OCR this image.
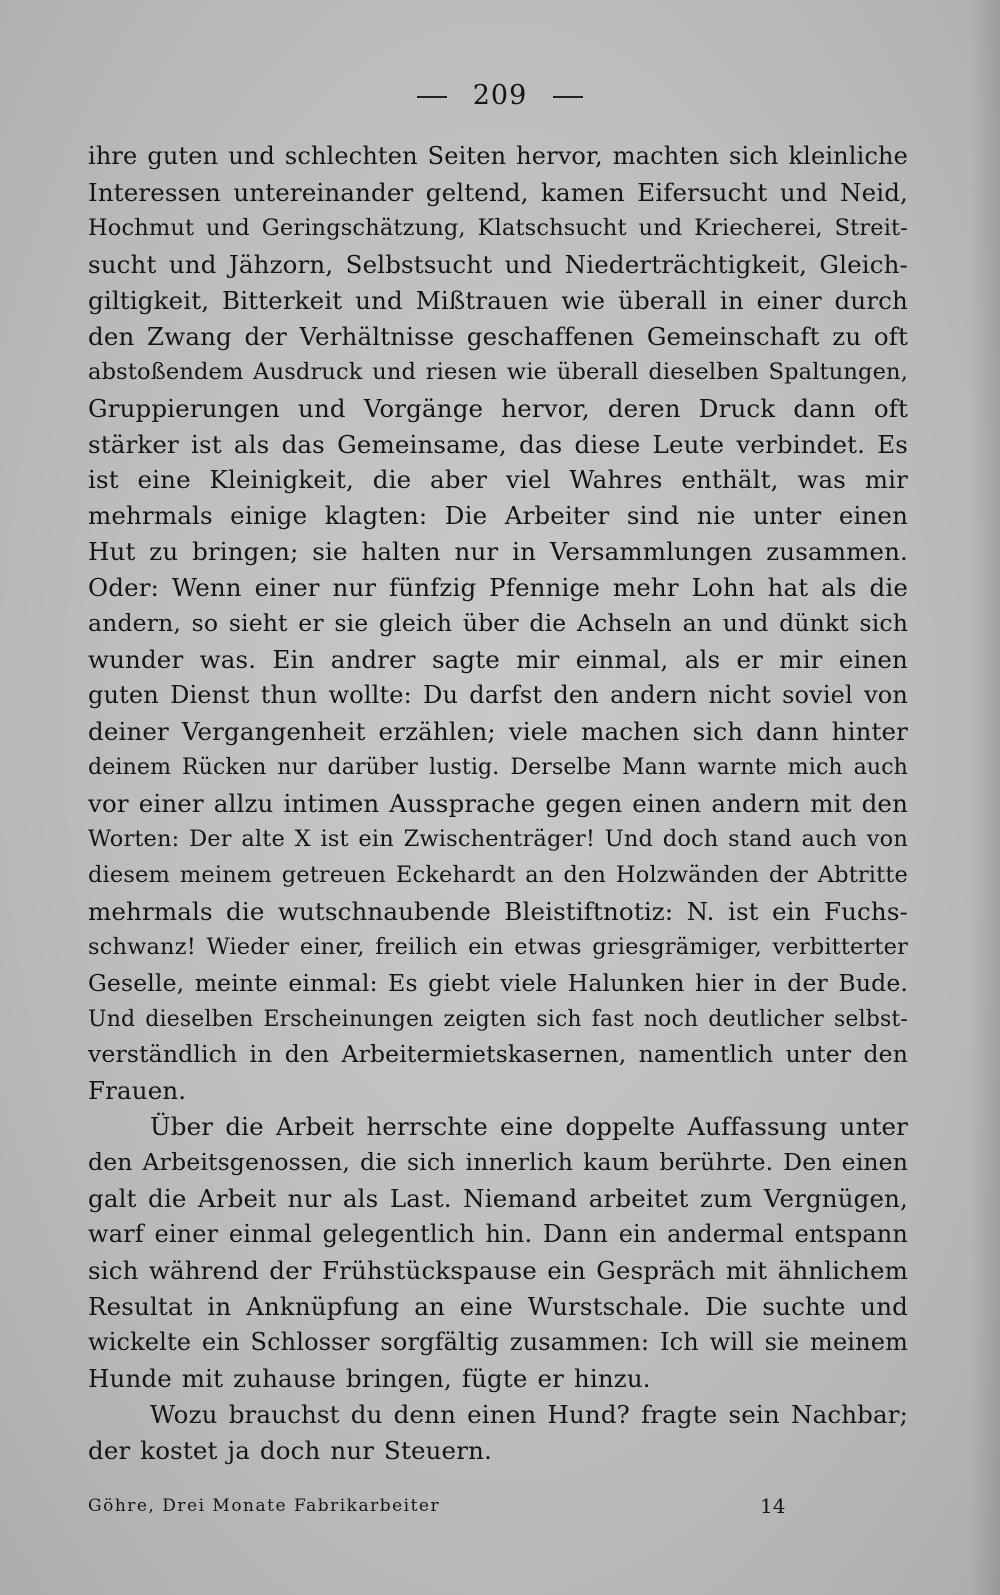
209
ihre guten und schlechten Seiten hervor, machten sich kleinliche
Interessen untereinander geltend, kamen Eifersucht und Neid,
Hochmut und Geringschätzung, Klatschsucht und Kriecherei, Streit-
sucht und Jähzorn, Selbstsucht und Niederträchtigkeit, Gleich-
giltigkeit, Bitterkeit und Mißtrauen wie überall in einer durch
den Zwang der Verhältnisse geschaffenen Gemeinschaft zu oft
abstoßendem Ausdruck und riesen wie überall dieselben Spaltungen,
Gruppierungen und Vorgänge hervor, deren Druck dann oft
stärker ist als das Gemeinsame, das diese Leute verbindet. Es
ist eine Kleinigkeit, die aber viel Wahres enthält, was mir
mehrmals einige klagten: Die Arbeiter sind nie unter einen
Hut zu bringen; sie halten nur in Versammlungen zusammen.
Oder: Wenn einer nur fünfzig Pfennige mehr Lohn hat als die
andern, so sieht er sie gleich über die Achseln an und dünkt sich
wunder was. Ein andrer sagte mir einmal, als er mir einen
guten Dienst thun wollte: Du darfst den andern nicht soviel von
deiner Vergangenheit erzählen; viele machen sich dann hinter
deinem Rücken nur darüber lustig. Derselbe Mann warnte mich auch
vor einer allzu intimen Aussprache gegen einen andern mit den
Worten: Der alte X ist ein Zwischenträger! Und doch stand auch von
diesem meinem getreuen Eckehardt an den Holzwänden der Abtritte
mehrmals die wutschnaubende Bleistiftnotiz: N. ist ein Fuchs-
schwanz! Wieder einer, freilich ein etwas griesgrämiger, verbitterter
Geselle, meinte einmal: Es giebt viele Halunken hier in der Bude.
Und dieselben Erscheinungen zeigten sich fast noch deutlicher selbst-
verständlich in den Arbeitermietskasernen, namentlich unter den
Frauen.
Über die Arbeit herrschte eine doppelte Auffassung unter
den Arbeitsgenossen, die sich innerlich kaum berührte. Den einen
galt die Arbeit nur als Last. Niemand arbeitet zum Vergnügen,
warf einer einmal gelegentlich hin. Dann ein andermal entspann
sich während der Frühstückspause ein Gespräch mit ähnlichem
Resultat in Anknüpfung an eine Wurstschale. Die suchte und
wickelte ein Schlosser sorgfältig zusammen: Ich will sie meinem
Hunde mit zuhause bringen, fügte er hinzu.
Wozu brauchst du denn einen Hund? fragte sein Nachbar;
der kostet ja doch nur Steuern.
Göhre, Drei Monate Fabrikarbeiter	14
